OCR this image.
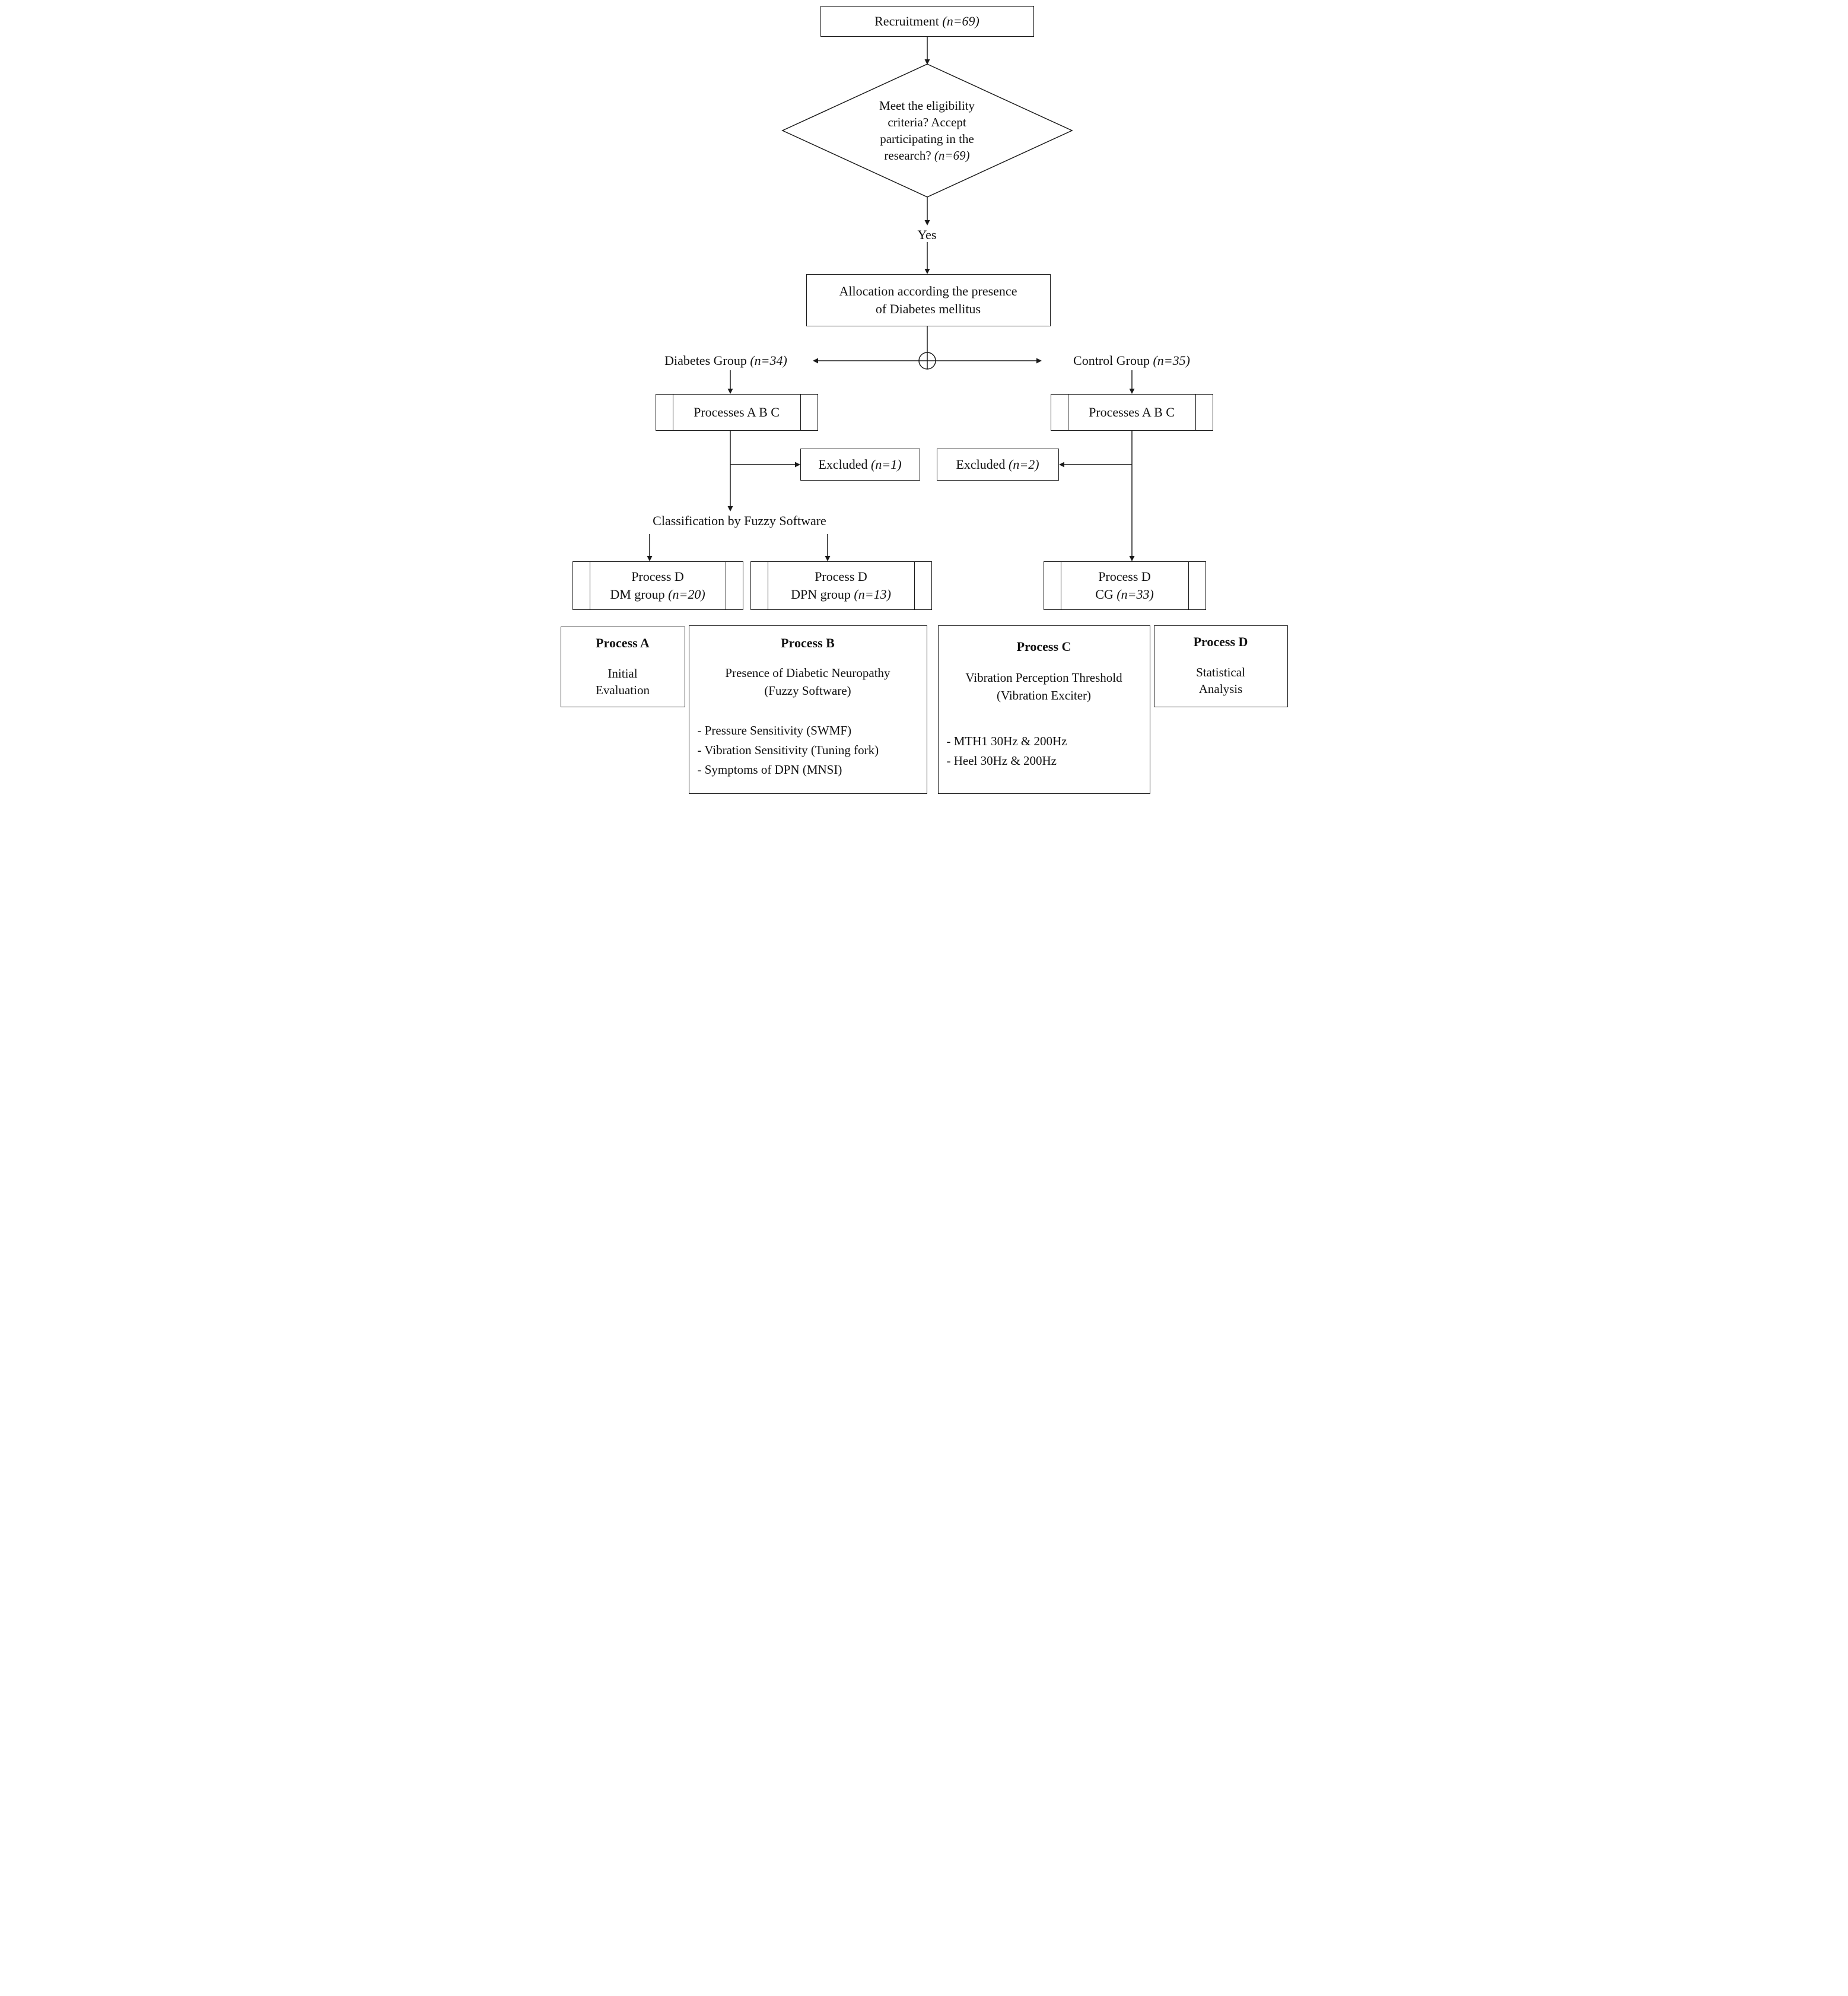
Recruitment (n=69)
Meet the eligibility
criteria? Accept
participating in the
research? (n=69)
Yes
Allocation according the presence
of Diabetes mellitus
Diabetes Group (n=34)	Control Group (n=35)
Processes A B C	Processes A B C
Excluded (n=1)	Excluded (n=2)
Classification by Fuzzy Software
Process D
DM group (n=20)
Process D
DPN group (n=13)
Process D
CG (n=33)
Process A
Initial Evaluation
Process B
Presence of Diabetic Neuropathy
(Fuzzy Software)
- Pressure Sensitivity (SWMF)
- Vibration Sensitivity (Tuning fork)
- Symptoms of DPN (MNSI)
Process C
Vibration Perception Threshold
(Vibration Exciter)
- MTH1 30Hz & 200Hz
- Heel 30Hz & 200Hz
Process D
Statistical Analysis
